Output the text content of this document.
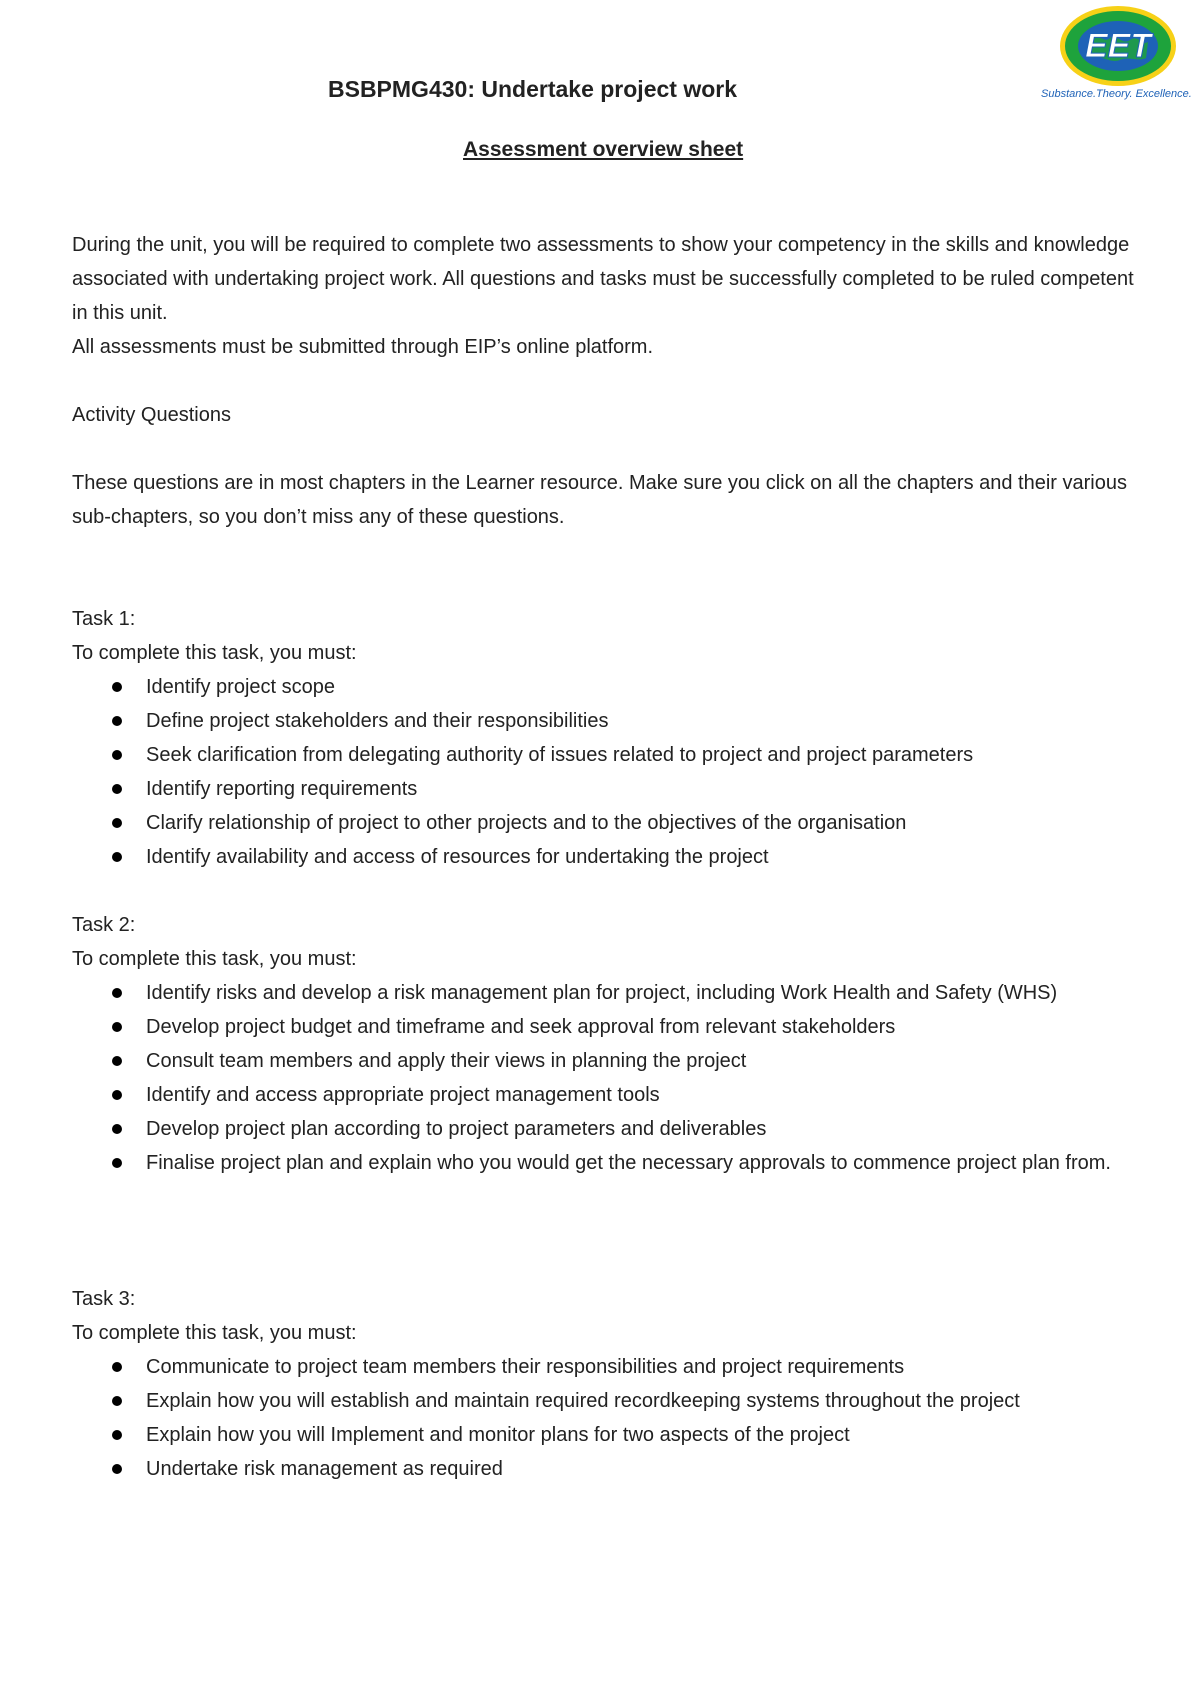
EET
Substance.Theory. Excellence.
BSBPMG430: Undertake project work
Assessment overview sheet

During the unit, you will be required to complete two assessments to show your competency in the skills and knowledge associated with undertaking project work. All questions and tasks must be successfully completed to be ruled competent in this unit.

All assessments must be submitted through EIP’s online platform.

Activity Questions
These questions are in most chapters in the Learner resource. Make sure you click on all the chapters and their various sub-chapters, so you don’t miss any of these questions.
Task 1:
To complete this task, you must:
Identify project scope
Define project stakeholders and their responsibilities
Seek clarification from delegating authority of issues related to project and project parameters
Identify reporting requirements
Clarify relationship of project to other projects and to the objectives of the organisation
Identify availability and access of resources for undertaking the project
Task 2:
To complete this task, you must:
Identify risks and develop a risk management plan for project, including Work Health and Safety (WHS)
Develop project budget and timeframe and seek approval from relevant stakeholders
Consult team members and apply their views in planning the project
Identify and access appropriate project management tools
Develop project plan according to project parameters and deliverables
Finalise project plan and explain who you would get the necessary approvals to commence project plan from.
Task 3:
To complete this task, you must:
Communicate to project team members their responsibilities and project requirements
Explain how you will establish and maintain required recordkeeping systems throughout the project
Explain how you will Implement and monitor plans for two aspects of the project
Undertake risk management as required
